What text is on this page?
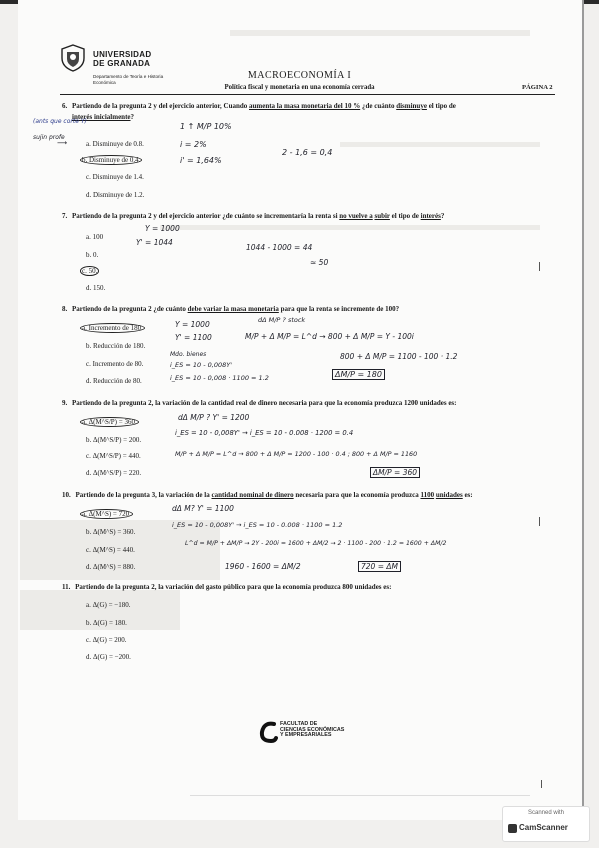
UNIVERSIDAD
DE GRANADA
Departamento de Teoría e Historia Económica
MACROECONOMÍA I
Política fiscal y monetaria en una economía cerrada	PÁGINA 2
6. Partiendo de la pregunta 2 y del ejercicio anterior, Cuando aumenta la masa monetaria del 10 % ¿de cuánto disminuye el tipo de
interés inicialmente?
a. Disminuye de 0.8.
b. Disminuye de 0.4.
c. Disminuye de 1.4.
d. Disminuye de 1.2.
(ants que corte Y)
sujin profe
⟶
1 ↑ M/P 10%
i = 2%
i' = 1,64%
2 - 1,6 = 0,4
7. Partiendo de la pregunta 2 y del ejercicio anterior ¿de cuánto se incrementaría la renta si no vuelve a subir el tipo de interés?
a. 100
b. 0.
c. 50.
d. 150.
Y = 1000
Y' = 1044
1044 - 1000 = 44
≃ 50
8. Partiendo de la pregunta 2 ¿de cuánto debe variar la masa monetaria para que la renta se incremente de 100?
a. Incremento de 180.
b. Reducción de 180.
c. Incremento de 80.
d. Reducción de 80.
Y = 1000
Y' = 1100
dΔ M/P ? stock
M/P + Δ M/P = L^d → 800 + Δ M/P = Y - 100i
Mdo. bienes
i_ES = 10 - 0,008Y'
i_ES = 10 - 0,008 · 1100 = 1.2
800 + Δ M/P = 1100 - 100 · 1.2
ΔM/P = 180
9. Partiendo de la pregunta 2, la variación de la cantidad real de dinero necesaria para que la economía produzca 1200 unidades es:
a. Δ(M^S/P) = 360.
b. Δ(M^S/P) = 200.
c. Δ(M^S/P) = 440.
d. Δ(M^S/P) = 220.
dΔ M/P ? Y' = 1200
i_ES = 10 - 0,008Y' → i_ES = 10 - 0.008 · 1200 = 0.4
M/P + Δ M/P = L^d → 800 + Δ M/P = 1200 - 100 · 0.4 ; 800 + Δ M/P = 1160
ΔM/P = 360
10. Partiendo de la pregunta 3, la variación de la cantidad nominal de dinero necesaria para que la economía produzca 1100 unidades es:
a. Δ(M^S) = 720.
b. Δ(M^S) = 360.
c. Δ(M^S) = 440.
d. Δ(M^S) = 880.
dΔ M? Y' = 1100
i_ES = 10 - 0,008Y' → i_ES = 10 - 0.008 · 1100 = 1.2
L^d = M/P + ΔM/P → 2Y - 200i = 1600 + ΔM/2 → 2 · 1100 - 200 · 1.2 = 1600 + ΔM/2
1960 - 1600 = ΔM/2	720 = ΔM
11. Partiendo de la pregunta 2, la variación del gasto público para que la economía produzca 800 unidades es:
a. Δ(G) = −180.
b. Δ(G) = 180.
c. Δ(G) = 200.
d. Δ(G) = −200.
FACULTAD DE
CIENCIAS ECONÓMICAS
Y EMPRESARIALES
Scanned with
CamScanner
